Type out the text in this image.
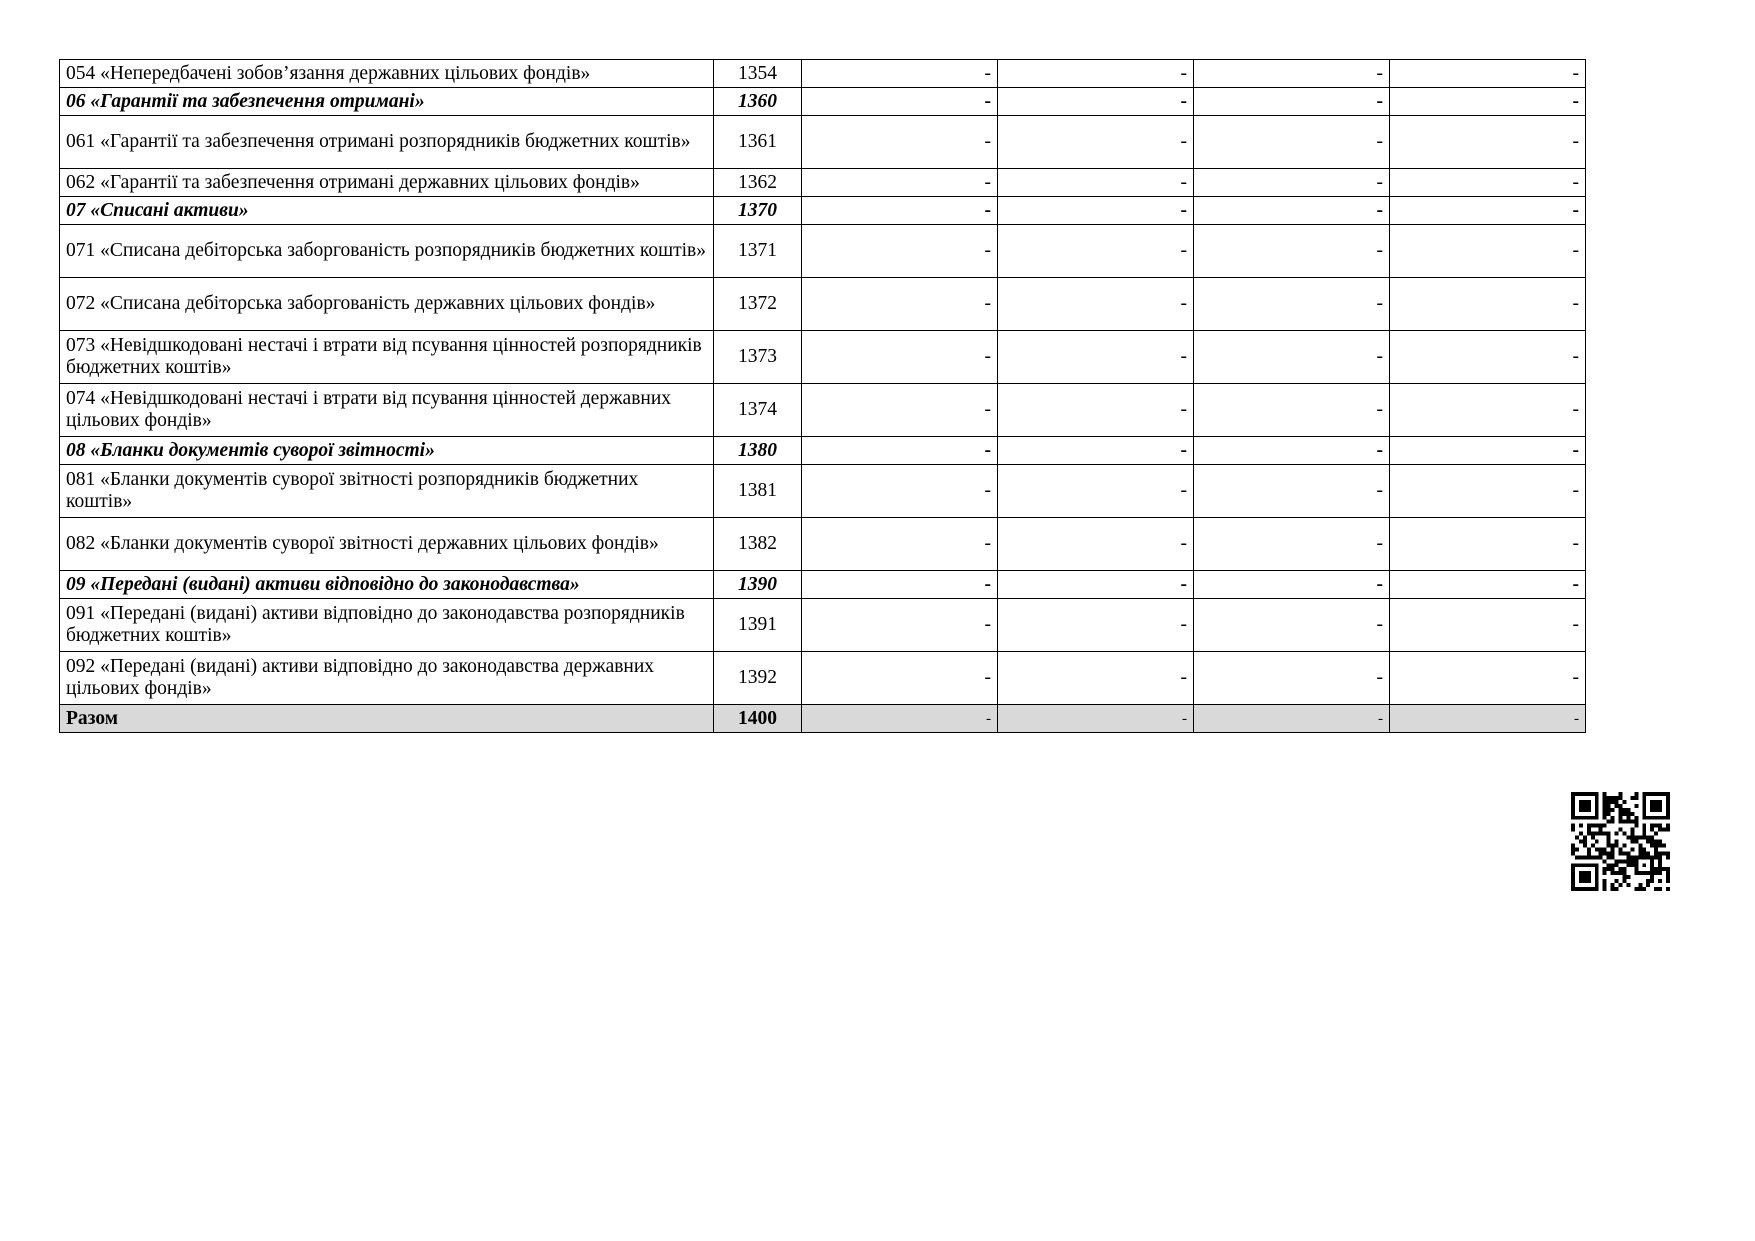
054 «Непередбачені зобов’язання державних цільових фондів»	1354	-	-	-	-
06 «Гарантії та забезпечення отримані»	1360	-	-	-	-
061 «Гарантії та забезпечення отримані розпорядників бюджетних коштів»	1361	-	-	-	-
062 «Гарантії та забезпечення отримані державних цільових фондів»	1362	-	-	-	-
07 «Списані активи»	1370	-	-	-	-
071 «Списана дебіторська заборгованість розпорядників бюджетних коштів»	1371	-	-	-	-
072 «Списана дебіторська заборгованість державних цільових фондів»	1372	-	-	-	-
073 «Невідшкодовані нестачі і втрати від псування цінностей розпорядників бюджетних коштів»	1373	-	-	-	-
074 «Невідшкодовані нестачі і втрати від псування цінностей державних цільових фондів»	1374	-	-	-	-
08 «Бланки документів суворої звітності»	1380	-	-	-	-
081 «Бланки документів суворої звітності розпорядників бюджетних коштів»	1381	-	-	-	-
082 «Бланки документів суворої звітності державних цільових фондів»	1382	-	-	-	-
09 «Передані (видані) активи відповідно до законодавства»	1390	-	-	-	-
091 «Передані (видані) активи відповідно до законодавства розпорядників бюджетних коштів»	1391	-	-	-	-
092 «Передані (видані) активи відповідно до законодавства державних цільових фондів»	1392	-	-	-	-
Разом	1400	-	-	-	-
